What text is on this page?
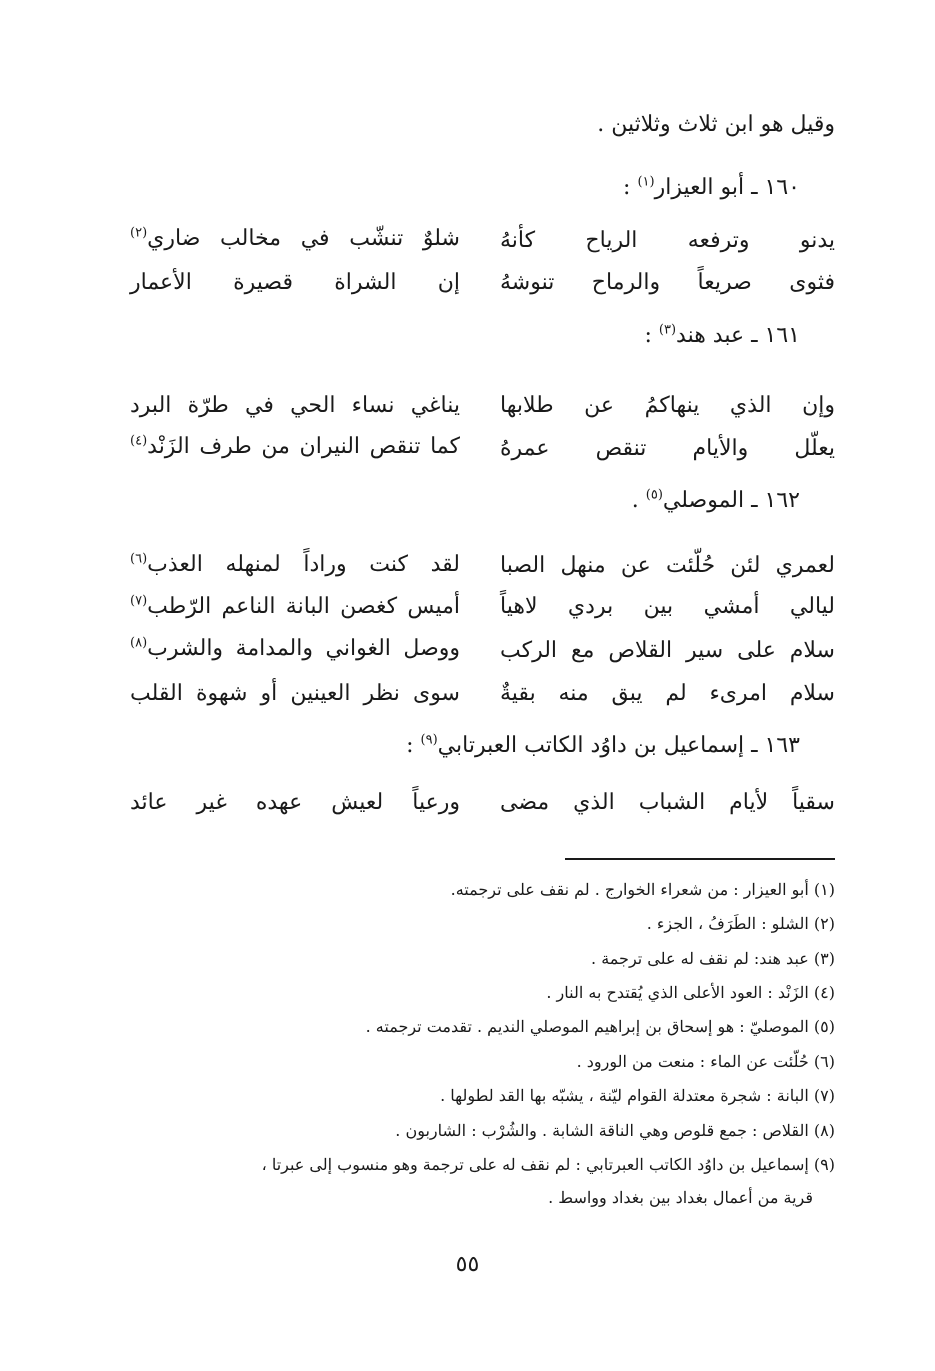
وقيل هو ابن ثلاث وثلاثين .
١٦٠ ـ أبو العيزار$^{(١)}$ :
يدنو وترفعه الرياح كأنهُ
شلوٌ تنشّب في مخالب ضاري$^{(٢)}$
فثوى صريعاً والرماح تنوشهُ
إن الشراة قصيرة الأعمار
١٦١ ـ عبد هند$^{(٣)}$ :
وإن الذي ينهاكمُ عن طلابها
يناغي نساء الحي في طرّة البرد
يعلّل والأيام تنقص عمرهُ
كما تنقص النيران من طرف الزَنْد$^{(٤)}$
١٦٢ ـ الموصلي$^{(٥)}$ .
لعمري لئن حُلّئت عن منهل الصبا
لقد كنت وراداً لمنهله العذب$^{(٦)}$
ليالي أمشي بين بردي لاهياً
أميس كغصن البانة الناعم الرّطب$^{(٧)}$
سلام على سير القلاص مع الركب
ووصل الغواني والمدامة والشرب$^{(٨)}$
سلام امرىء لم يبق منه بقيةٌ
سوى نظر العينين أو شهوة القلب
١٦٣ ـ إسماعيل بن داوُد الكاتب العبرتابي$^{(٩)}$ :
سقياً لأيام الشباب الذي مضى
ورعياً لعيش عهده غير عائد
(١) أبو العيزار : من شعراء الخوارج . لم نقف على ترجمته.
(٢) الشلو : الطَرَفُ ، الجزء .
(٣) عبد هند: لم نقف له على ترجمة .
(٤) الزَنْد : العود الأعلى الذي يُقتدح به النار .
(٥) الموصليّ : هو إسحاق بن إبراهيم الموصلي النديم . تقدمت ترجمته .
(٦) حُلّئت عن الماء : منعت من الورود .
(٧) البانة : شجرة معتدلة القوام ليّنة ، يشبّه بها القد لطولها .
(٨) القلاص : جمع قلوص وهي الناقة الشابة . والشُرْب : الشاربون .
(٩) إسماعيل بن داوُد الكاتب العبرتابي : لم نقف له على ترجمة وهو منسوب إلى عبرتا ،
قرية من أعمال بغداد بين بغداد وواسط .
٥٥
